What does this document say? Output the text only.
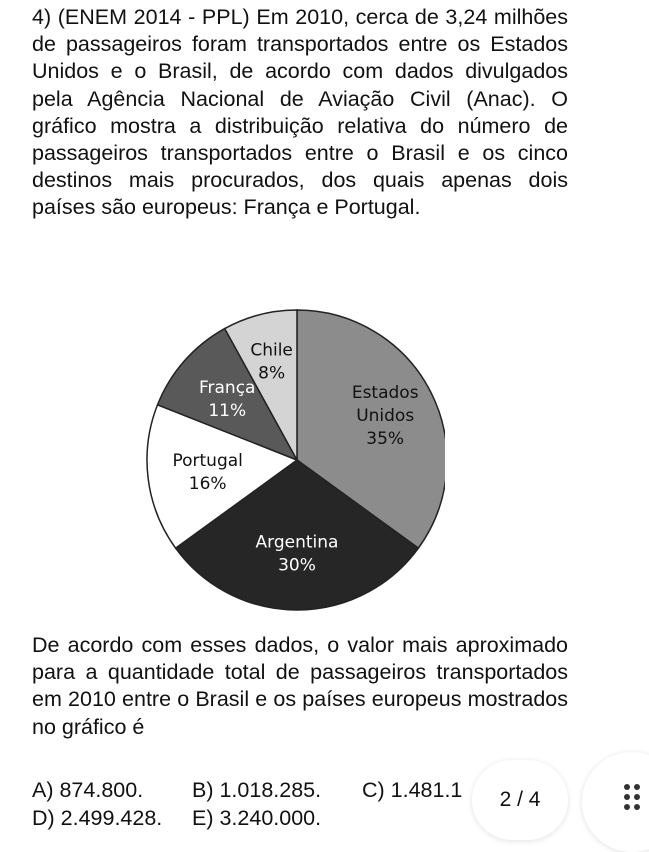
4) (ENEM 2014 - PPL) Em 2010, cerca de 3,24 milhões de passageiros foram transportados entre os Estados Unidos e o Brasil, de acordo com dados divulgados pela Agência Nacional de Aviação Civil (Anac). O gráfico mostra a distribuição relativa do número de passageiros transportados entre o Brasil e os cinco destinos mais procurados, dos quais apenas dois países são europeus: França e Portugal.

Estados
Unidos
35%
Argentina
30%
Portugal
16%
França
11%
Chile
8%

De acordo com esses dados, o valor mais aproximado para a quantidade total de passageiros transportados em 2010 entre o Brasil e os países europeus mostrados no gráfico é

A) 874.800. B) 1.018.285. C) 1.481.1
D) 2.499.428. E) 3.240.000.
2 / 4
